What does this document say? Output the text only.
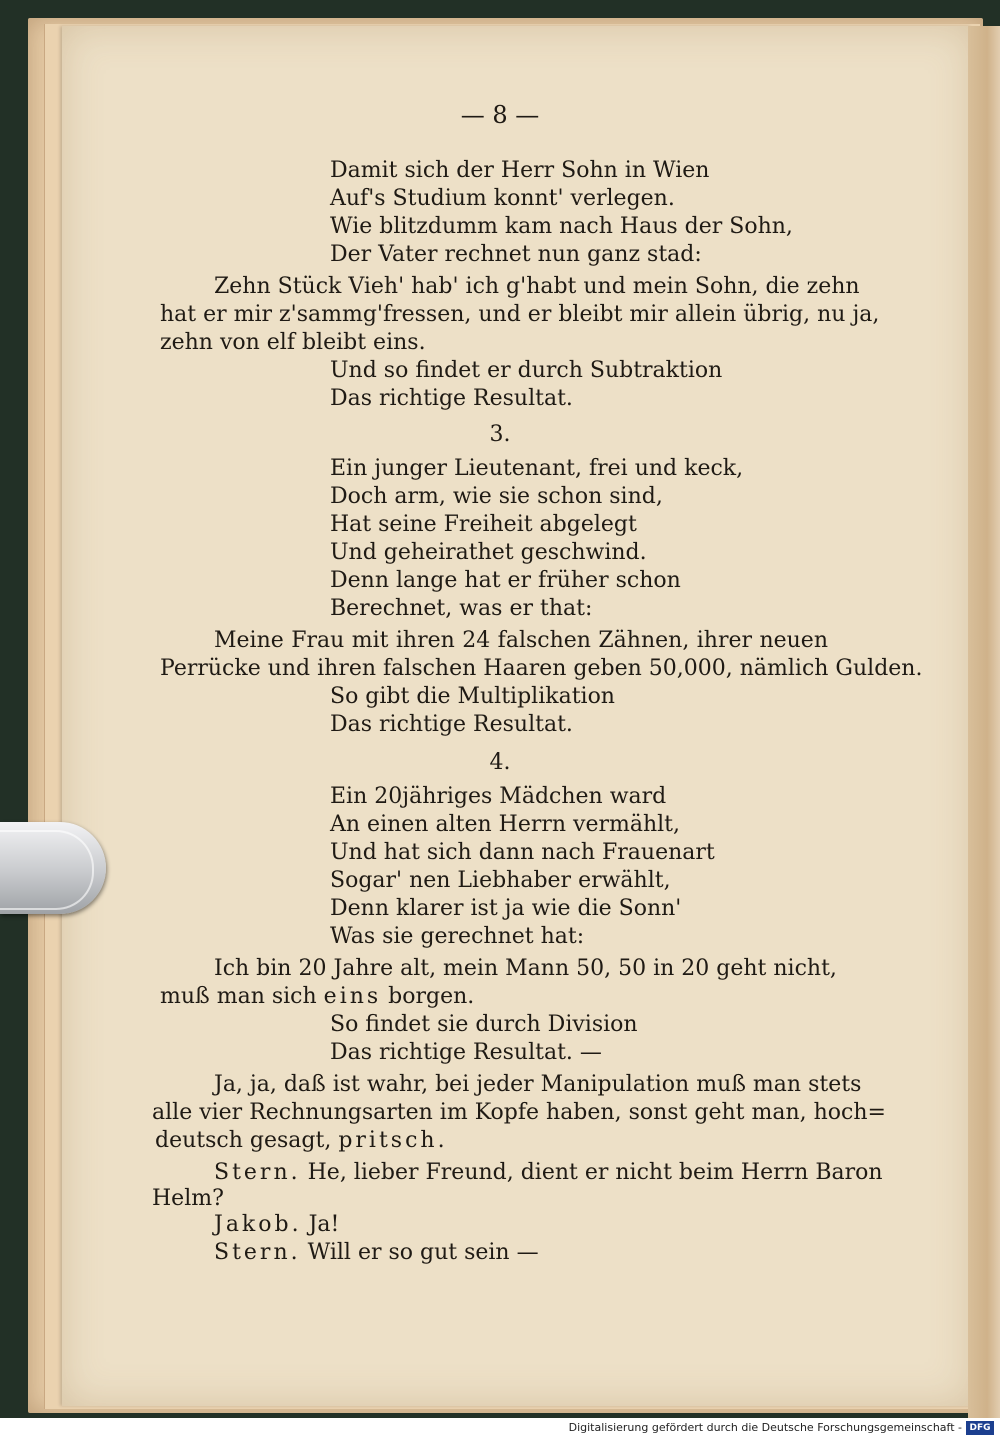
— 8 —
Damit sich der Herr Sohn in Wien
Auf's Studium konnt' verlegen.
Wie blitzdumm kam nach Haus der Sohn,
Der Vater rechnet nun ganz stad:
Zehn Stück Vieh' hab' ich g'habt und mein Sohn, die zehn
hat er mir z'sammg'fressen, und er bleibt mir allein übrig, nu ja,
zehn von elf bleibt eins.
Und so findet er durch Subtraktion
Das richtige Resultat.
3.
Ein junger Lieutenant, frei und keck,
Doch arm, wie sie schon sind,
Hat seine Freiheit abgelegt
Und geheirathet geschwind.
Denn lange hat er früher schon
Berechnet, was er that:
Meine Frau mit ihren 24 falschen Zähnen, ihrer neuen
Perrücke und ihren falschen Haaren geben 50,000, nämlich Gulden.
So gibt die Multiplikation
Das richtige Resultat.
4.
Ein 20jähriges Mädchen ward
An einen alten Herrn vermählt,
Und hat sich dann nach Frauenart
Sogar' nen Liebhaber erwählt,
Denn klarer ist ja wie die Sonn'
Was sie gerechnet hat:
Ich bin 20 Jahre alt, mein Mann 50, 50 in 20 geht nicht,
muß man sich eins borgen.
So findet sie durch Division
Das richtige Resultat. —
Ja, ja, daß ist wahr, bei jeder Manipulation muß man stets
alle vier Rechnungsarten im Kopfe haben, sonst geht man, hoch=
deutsch gesagt, pritsch.
Stern. He, lieber Freund, dient er nicht beim Herrn Baron
Helm?
Jakob. Ja!
Stern. Will er so gut sein —
Digitalisierung gefördert durch die Deutsche Forschungsgemeinschaft - DFG
